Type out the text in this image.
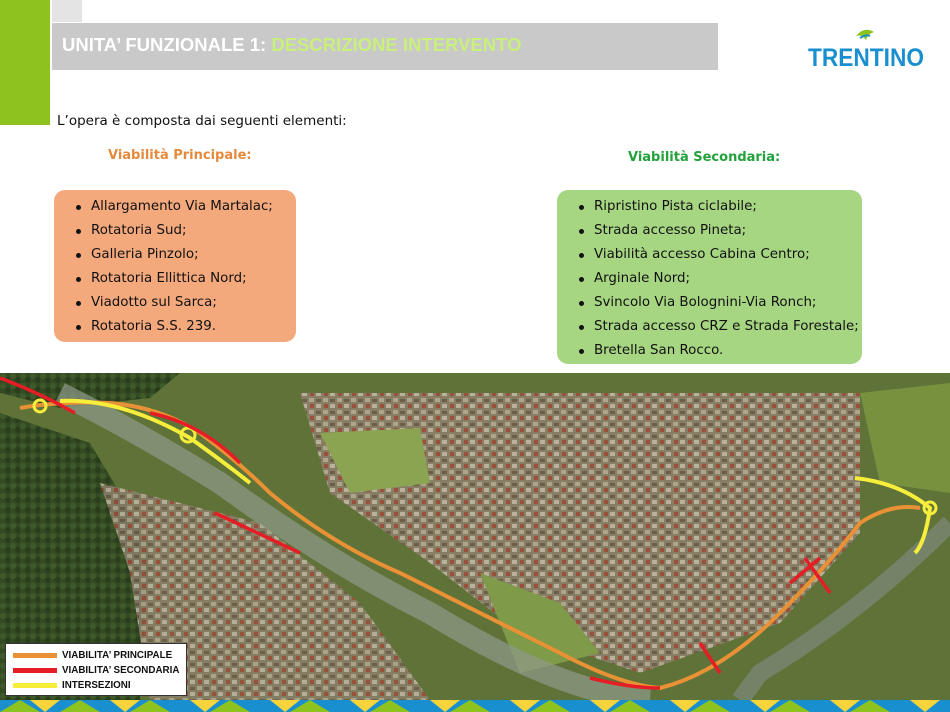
UNITA’ FUNZIONALE 1: DESCRIZIONE INTERVENTO	TRENTINO
L’opera è composta dai seguenti elementi:
Viabilità Principale:	Viabilità Secondaria:
Allargamento Via Martalac;
Rotatoria Sud;
Galleria Pinzolo;
Rotatoria Ellittica Nord;
Viadotto sul Sarca;
Rotatoria S.S. 239.
Ripristino Pista ciclabile;
Strada accesso Pineta;
Viabilità accesso Cabina Centro;
Arginale Nord;
Svincolo Via Bolognini-Via Ronch;
Strada accesso CRZ e Strada Forestale;
Bretella San Rocco.
VIABILITA’ PRINCIPALE
VIABILITA’ SECONDARIA
INTERSEZIONI
